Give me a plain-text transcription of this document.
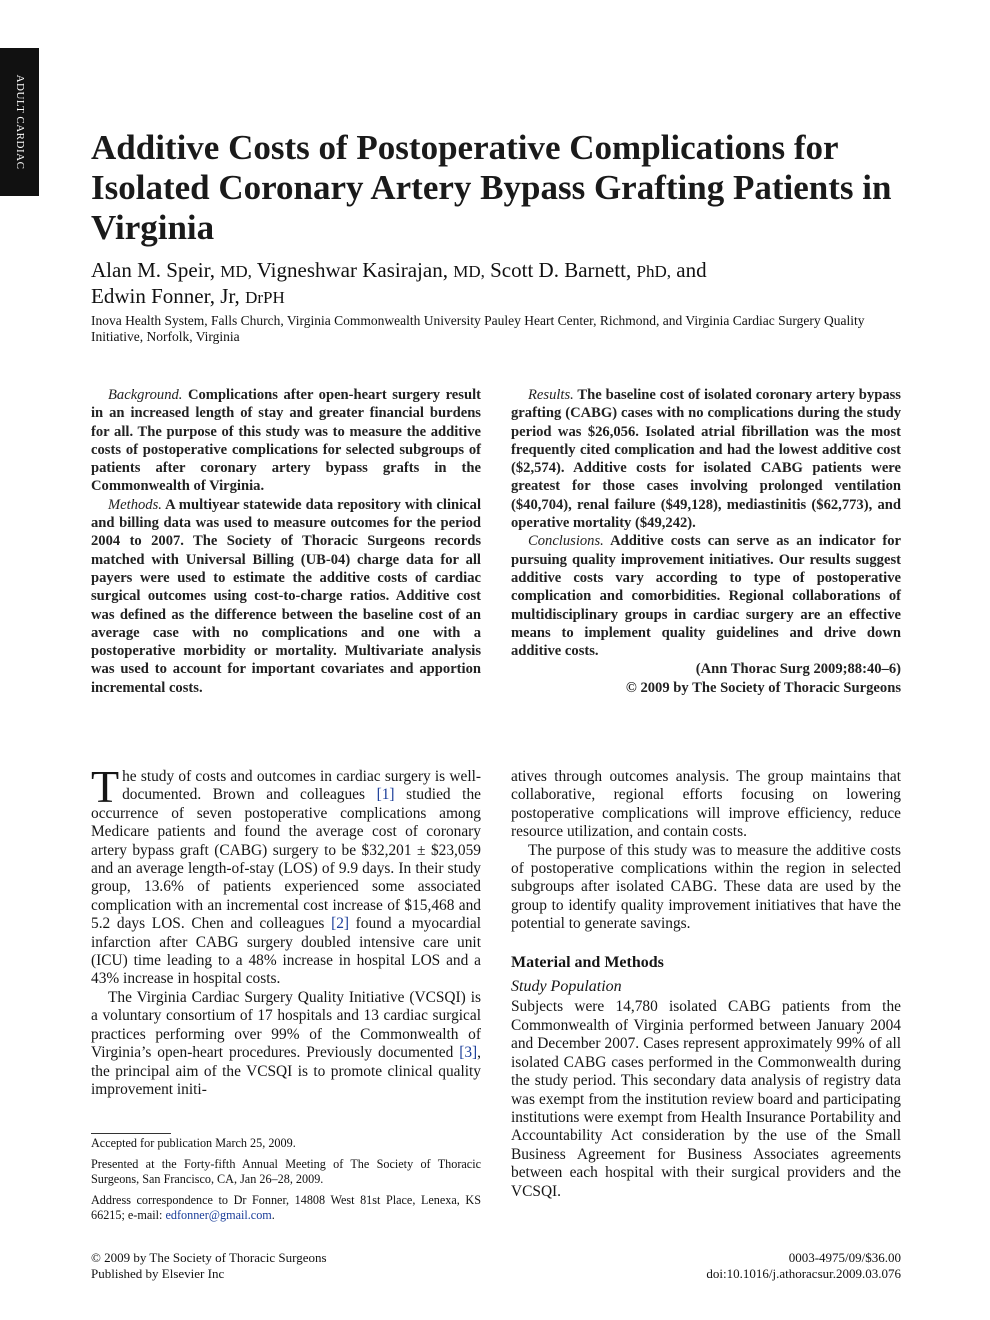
ADULT CARDIAC Additive Costs of Postoperative Complications for Isolated Coronary Artery Bypass Grafting Patients in Virginia
Alan M. Speir, MD, Vigneshwar Kasirajan, MD, Scott D. Barnett, PhD, and
Edwin Fonner, Jr, DrPH
Inova Health System, Falls Church, Virginia Commonwealth University Pauley Heart Center, Richmond, and Virginia Cardiac Surgery Quality Initiative, Norfolk, Virginia

Background. Complications after open-heart surgery result in an increased length of stay and greater financial burdens for all. The purpose of this study was to measure the additive costs of postoperative complications for selected subgroups of patients after coronary artery bypass grafts in the Commonwealth of Virginia.

Methods. A multiyear statewide data repository with clinical and billing data was used to measure outcomes for the period 2004 to 2007. The Society of Thoracic Surgeons records matched with Universal Billing (UB-04) charge data for all payers were used to estimate the additive costs of cardiac surgical outcomes using cost-to-charge ratios. Additive cost was defined as the difference between the baseline cost of an average case with no complications and one with a postoperative morbidity or mortality. Multivariate analysis was used to account for important covariates and apportion incremental costs.

Results. The baseline cost of isolated coronary artery bypass grafting (CABG) cases with no complications during the study period was $26,056. Isolated atrial fibrillation was the most frequently cited complication and had the lowest additive cost ($2,574). Additive costs for isolated CABG patients were greatest for those cases involving prolonged ventilation ($40,704), renal failure ($49,128), mediastinitis ($62,773), and operative mortality ($49,242).

Conclusions. Additive costs can serve as an indicator for pursuing quality improvement initiatives. Our results suggest additive costs vary according to type of postoperative complication and comorbidities. Regional collaborations of multidisciplinary groups in cardiac surgery are an effective means to implement quality guidelines and drive down additive costs.

(Ann Thorac Surg 2009;88:40–6)

© 2009 by The Society of Thoracic Surgeons

The study of costs and outcomes in cardiac surgery is well-documented. Brown and colleagues [1] studied the occurrence of seven postoperative complications among Medicare patients and found the average cost of coronary artery bypass graft (CABG) surgery to be $32,201 ± $23,059 and an average length-of-stay (LOS) of 9.9 days. In their study group, 13.6% of patients experienced some associated complication with an incremental cost increase of $15,468 and 5.2 days LOS. Chen and colleagues [2] found a myocardial infarction after CABG surgery doubled intensive care unit (ICU) time leading to a 48% increase in hospital LOS and a 43% increase in hospital costs.

The Virginia Cardiac Surgery Quality Initiative (VCSQI) is a voluntary consortium of 17 hospitals and 13 cardiac surgical practices performing over 99% of the Commonwealth of Virginia’s open-heart procedures. Previously documented [3], the principal aim of the VCSQI is to promote clinical quality improvement initi-

atives through outcomes analysis. The group maintains that collaborative, regional efforts focusing on lowering postoperative complications will improve efficiency, reduce resource utilization, and contain costs.

The purpose of this study was to measure the additive costs of postoperative complications within the region in selected subgroups after isolated CABG. These data are used by the group to identify quality improvement initiatives that have the potential to generate savings.

Material and Methods
Study Population

Subjects were 14,780 isolated CABG patients from the Commonwealth of Virginia performed between January 2004 and December 2007. Cases represent approximately 99% of all isolated CABG cases performed in the Commonwealth during the study period. This secondary data analysis of registry data was exempt from the institution review board and participating institutions were exempt from Health Insurance Portability and Accountability Act consideration by the use of the Small Business Agreement for Business Associates agreements between each hospital with their surgical providers and the VCSQI.

Accepted for publication March 25, 2009.

Presented at the Forty-fifth Annual Meeting of The Society of Thoracic Surgeons, San Francisco, CA, Jan 26–28, 2009.

Address correspondence to Dr Fonner, 14808 West 81st Place, Lenexa, KS 66215; e-mail: edfonner@gmail.com.

© 2009 by The Society of Thoracic Surgeons
Published by Elsevier Inc
0003-4975/09/$36.00
doi:10.1016/j.athoracsur.2009.03.076
